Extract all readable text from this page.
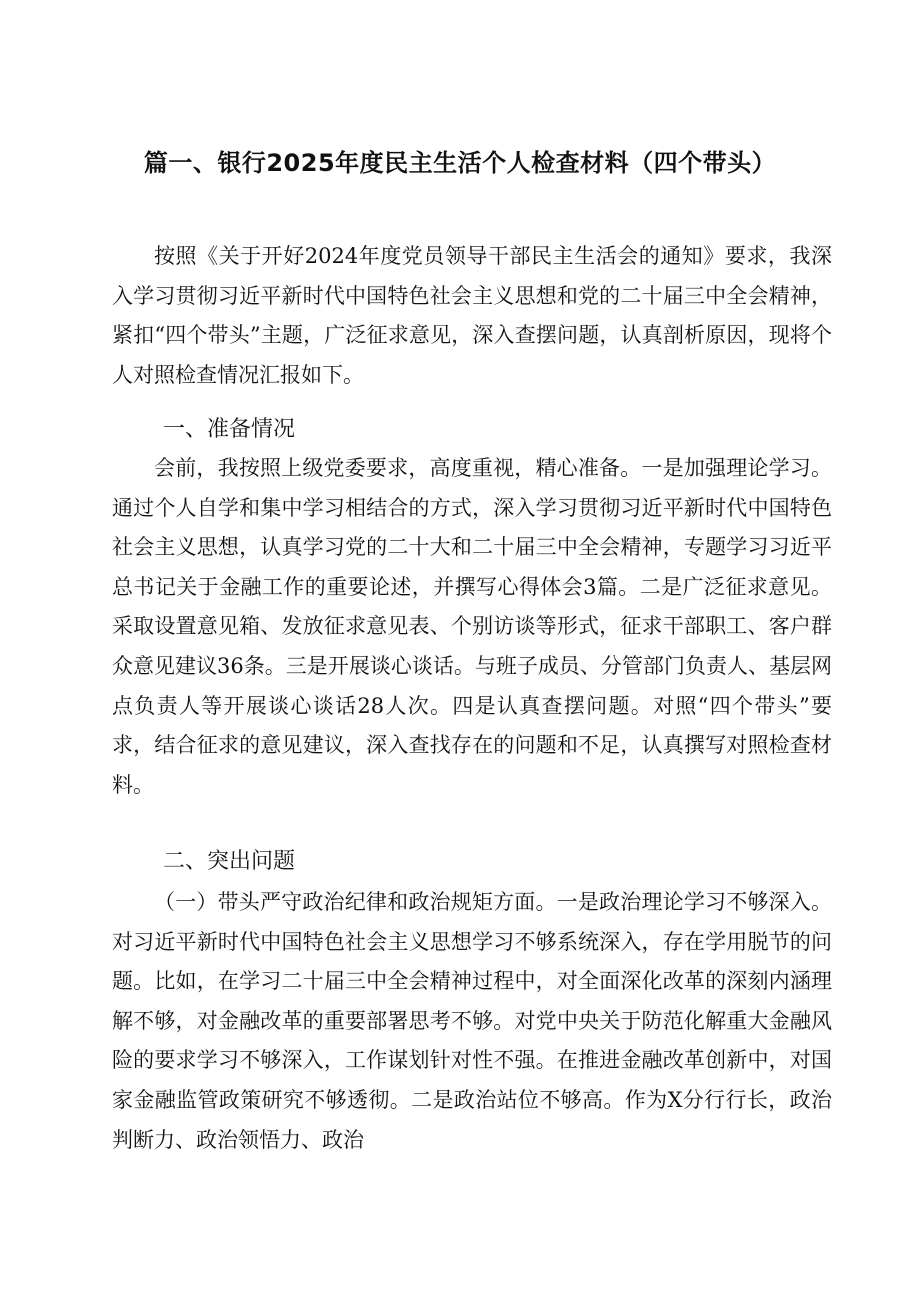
篇一、银行2025年度民主生活个人检查材料（四个带头）

按照《关于开好2024年度党员领导干部民主生活会的通知》要求，我深入学习贯彻习近平新时代中国特色社会主义思想和党的二十届三中全会精神，紧扣“四个带头”主题，广泛征求意见，深入查摆问题，认真剖析原因，现将个人对照检查情况汇报如下。

一、准备情况

会前，我按照上级党委要求，高度重视，精心准备。一是加强理论学习。通过个人自学和集中学习相结合的方式，深入学习贯彻习近平新时代中国特色社会主义思想，认真学习党的二十大和二十届三中全会精神，专题学习习近平总书记关于金融工作的重要论述，并撰写心得体会3篇。二是广泛征求意见。采取设置意见箱、发放征求意见表、个别访谈等形式，征求干部职工、客户群众意见建议36条。三是开展谈心谈话。与班子成员、分管部门负责人、基层网点负责人等开展谈心谈话28人次。四是认真查摆问题。对照“四个带头”要求，结合征求的意见建议，深入查找存在的问题和不足，认真撰写对照检查材料。

二、突出问题

（一）带头严守政治纪律和政治规矩方面。一是政治理论学习不够深入。对习近平新时代中国特色社会主义思想学习不够系统深入，存在学用脱节的问题。比如，在学习二十届三中全会精神过程中，对全面深化改革的深刻内涵理解不够，对金融改革的重要部署思考不够。对党中央关于防范化解重大金融风险的要求学习不够深入，工作谋划针对性不强。在推进金融改革创新中，对国家金融监管政策研究不够透彻。二是政治站位不够高。作为X分行行长，政治判断力、政治领悟力、政治
